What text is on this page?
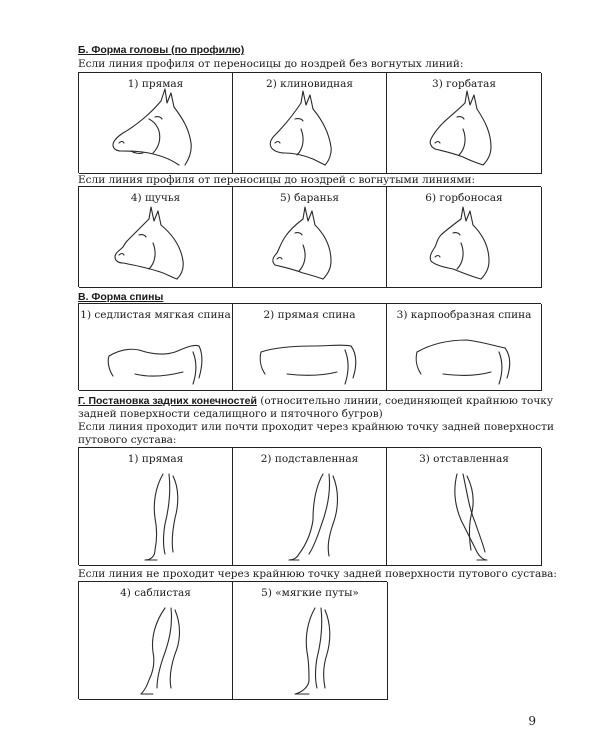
Б. Форма головы (по профилю)
Если линия профиля от переносицы до ноздрей без вогнутых линий:
1) прямая	2) клиновидная	3) горбатая
Если линия профиля от переносицы до ноздрей с вогнутыми линиями:
4) щучья	5) баранья	6) горбоносая
В. Форма спины
1) седлистая мягкая спина	2) прямая спина	3) карпообразная спина
Г. Постановка задних конечностей (относительно линии, соединяющей крайнюю точку
задней поверхности седалищного и пяточного бугров)
Если линия проходит или почти проходит через крайнюю точку задней поверхности
путового сустава:
1) прямая	2) подставленная	3) отставленная
Если линия не проходит через крайнюю точку задней поверхности путового сустава:
4) саблистая	5) «мягкие путы»
9
